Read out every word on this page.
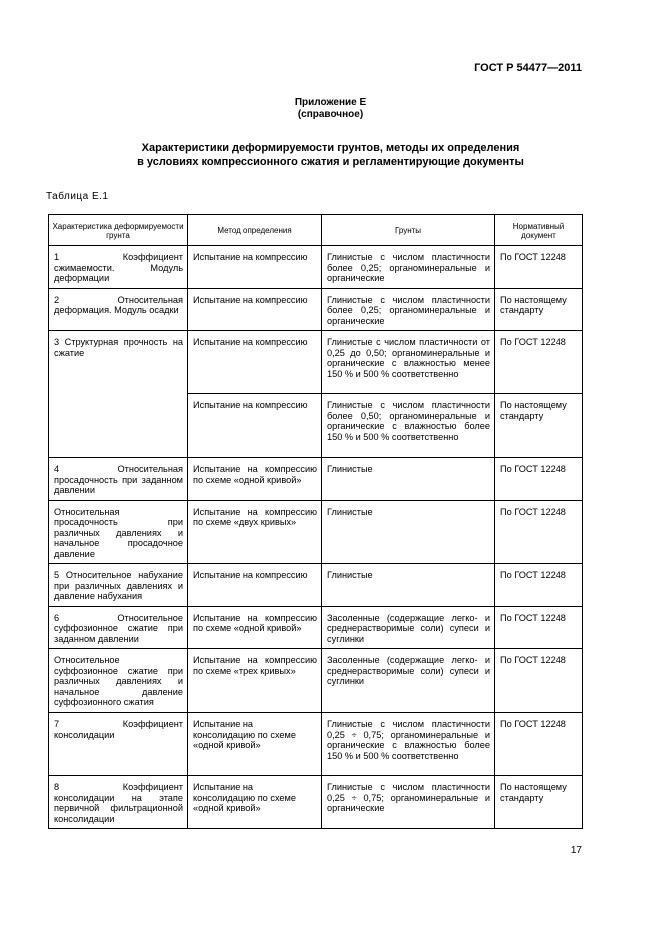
ГОСТ Р 54477—2011
Приложение Е
(справочное)
Характеристики деформируемости грунтов, методы их определения
в условиях компрессионного сжатия и регламентирующие документы
Таблица Е.1
Характеристика деформируемости грунта	Метод определения	Грунты	Нормативный документ
1 Коэффициент сжимаемости. Модуль деформации	Испытание на компрессию	Глинистые с числом пластичности более 0,25; органоминеральные и органические	По ГОСТ 12248
2 Относительная деформация. Модуль осадки	Испытание на компрессию	Глинистые с числом пластичности более 0,25; органоминеральные и органические	По настоящему стандарту
3 Структурная прочность на сжатие	Испытание на компрессию	Глинистые с числом пластичности от 0,25 до 0,50; органоминеральные и органические с влажностью менее 150 % и 500 % соответственно	По ГОСТ 12248
	Испытание на компрессию	Глинистые с числом пластичности более 0,50; органоминеральные и органические с влажностью более 150 % и 500 % соответственно	По настоящему стандарту
4 Относительная просадочность при заданном давлении	Испытание на компрессию по схеме «одной кривой»	Глинистые	По ГОСТ 12248
Относительная просадочность при различных давлениях и начальное просадочное давление	Испытание на компрессию по схеме «двух кривых»	Глинистые	По ГОСТ 12248
5 Относительное набухание при различных давлениях и давление набухания	Испытание на компрессию	Глинистые	По ГОСТ 12248
6 Относительное суффозионное сжатие при заданном давлении	Испытание на компрессию по схеме «одной кривой»	Засоленные (содержащие легко- и среднерастворимые соли) супеси и суглинки	По ГОСТ 12248
Относительное суффозионное сжатие при различных давлениях и начальное давление суффозионного сжатия	Испытание на компрессию по схеме «трех кривых»	Засоленные (содержащие легко- и среднерастворимые соли) супеси и суглинки	По ГОСТ 12248
7 Коэффициент консолидации	Испытание на консолидацию по схеме «одной кривой»	Глинистые с числом пластичности 0,25 ÷ 0,75; органоминеральные и органические с влажностью более 150 % и 500 % соответственно	По ГОСТ 12248
8 Коэффициент консолидации на этапе первичной фильтрационной консолидации	Испытание на консолидацию по схеме «одной кривой»	Глинистые с числом пластичности 0,25 ÷ 0,75; органоминеральные и органические	По настоящему стандарту
17
